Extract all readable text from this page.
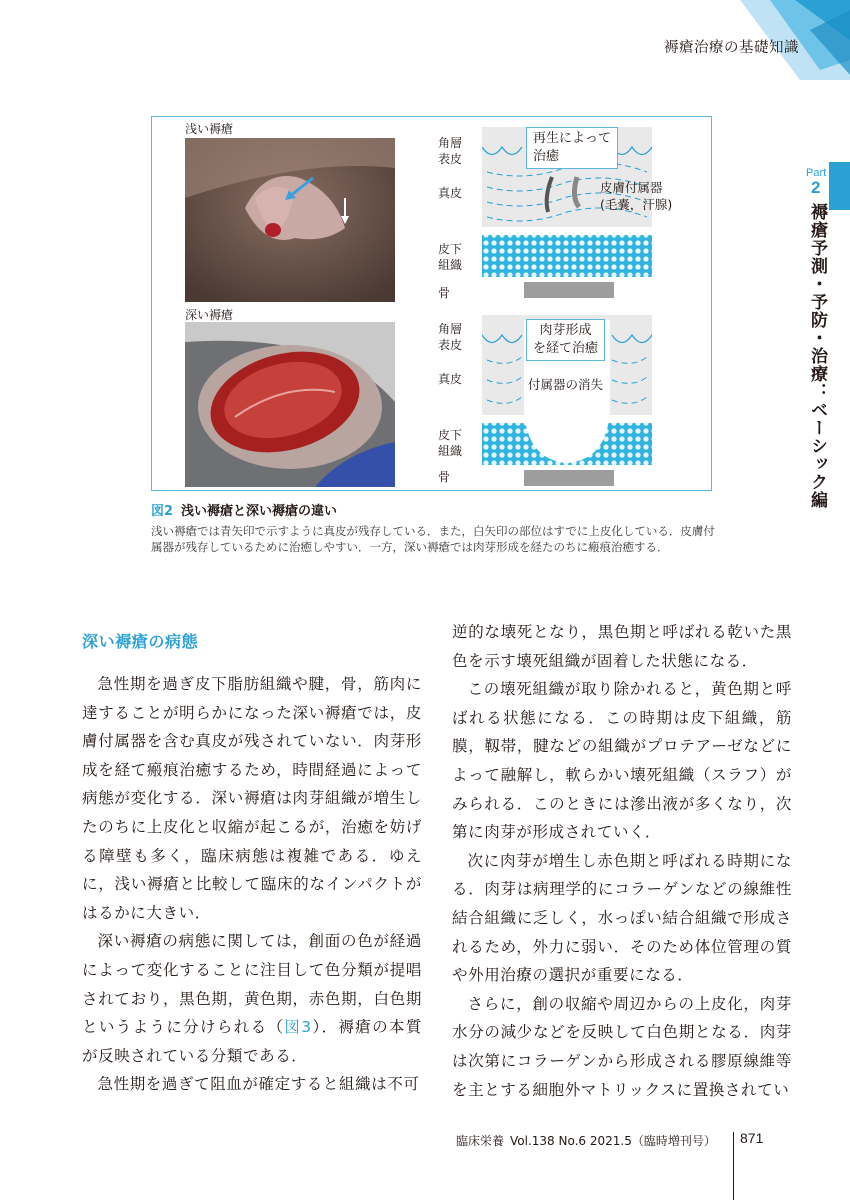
褥瘡治療の基礎知識
Part
2
褥瘡予測・予防・治療：ベーシック編
浅い褥瘡
角層
表皮
真皮
皮下
組織
骨
再生によって
治癒
皮膚付属器
(毛嚢，汗腺)
深い褥瘡
角層
表皮
真皮
皮下
組織
骨
肉芽形成
を経て治癒
付属器の消失
図2 浅い褥瘡と深い褥瘡の違い
浅い褥瘡では青矢印で示すように真皮が残存している．また，白矢印の部位はすでに上皮化している．皮膚付属器が残存しているために治癒しやすい．一方，深い褥瘡では肉芽形成を経たのちに瘢痕治癒する．
深い褥瘡の病態

急性期を過ぎ皮下脂肪組織や腱，骨，筋肉に達することが明らかになった深い褥瘡では，皮膚付属器を含む真皮が残されていない．肉芽形成を経て瘢痕治癒するため，時間経過によって病態が変化する．深い褥瘡は肉芽組織が増生したのちに上皮化と収縮が起こるが，治癒を妨げる障壁も多く，臨床病態は複雑である．ゆえに，浅い褥瘡と比較して臨床的なインパクトがはるかに大きい．

深い褥瘡の病態に関しては，創面の色が経過によって変化することに注目して色分類が提唱されており，黒色期，黄色期，赤色期，白色期というように分けられる（図3）．褥瘡の本質が反映されている分類である．

急性期を過ぎて阻血が確定すると組織は不可

逆的な壊死となり，黒色期と呼ばれる乾いた黒色を示す壊死組織が固着した状態になる．

この壊死組織が取り除かれると，黄色期と呼ばれる状態になる．この時期は皮下組織，筋膜，靱帯，腱などの組織がプロテアーゼなどによって融解し，軟らかい壊死組織（スラフ）がみられる．このときには滲出液が多くなり，次第に肉芽が形成されていく．

次に肉芽が増生し赤色期と呼ばれる時期になる．肉芽は病理学的にコラーゲンなどの線維性結合組織に乏しく，水っぽい結合組織で形成されるため，外力に弱い．そのため体位管理の質や外用治療の選択が重要になる．

さらに，創の収縮や周辺からの上皮化，肉芽水分の減少などを反映して白色期となる．肉芽は次第にコラーゲンから形成される膠原線維等を主とする細胞外マトリックスに置換されてい

臨床栄養 Vol.138 No.6 2021.5（臨時増刊号） 871
